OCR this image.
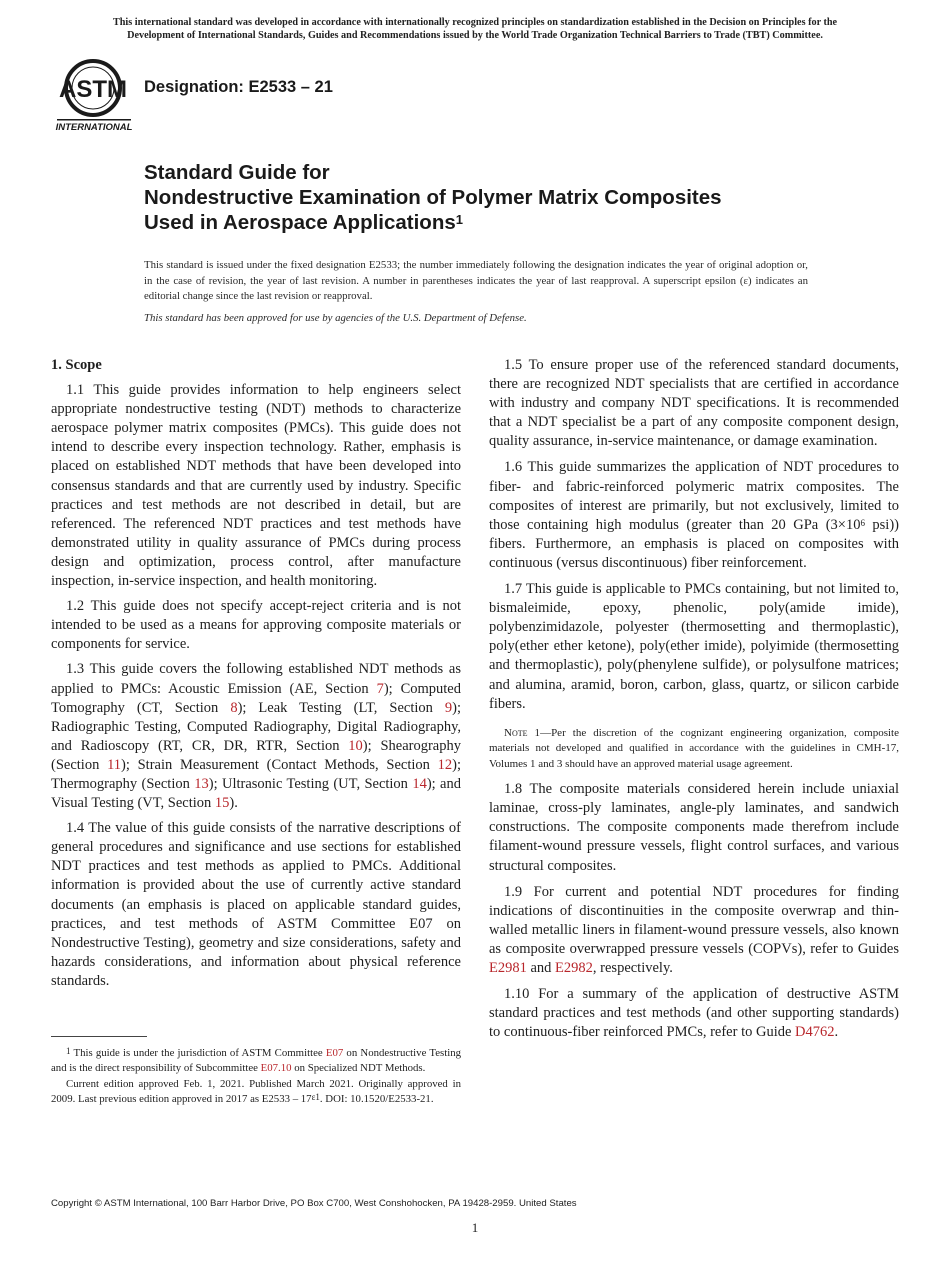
This international standard was developed in accordance with internationally recognized principles on standardization established in the Decision on Principles for the
Development of International Standards, Guides and Recommendations issued by the World Trade Organization Technical Barriers to Trade (TBT) Committee.
ASTM
INTERNATIONAL
Designation: E2533 – 21
Standard Guide for
Nondestructive Examination of Polymer Matrix Composites
Used in Aerospace Applications$^1$
This standard is issued under the fixed designation E2533; the number immediately following the designation indicates the year of original adoption or, in the case of revision, the year of last revision. A number in parentheses indicates the year of last reapproval. A superscript epsilon (ε) indicates an editorial change since the last revision or reapproval.
This standard has been approved for use by agencies of the U.S. Department of Defense.
1. Scope

1.1 This guide provides information to help engineers select appropriate nondestructive testing (NDT) methods to characterize aerospace polymer matrix composites (PMCs). This guide does not intend to describe every inspection technology. Rather, emphasis is placed on established NDT methods that have been developed into consensus standards and that are currently used by industry. Specific practices and test methods are not described in detail, but are referenced. The referenced NDT practices and test methods have demonstrated utility in quality assurance of PMCs during process design and optimization, process control, after manufacture inspection, in-service inspection, and health monitoring.

1.2 This guide does not specify accept-reject criteria and is not intended to be used as a means for approving composite materials or components for service.

1.3 This guide covers the following established NDT methods as applied to PMCs: Acoustic Emission (AE, Section 7); Computed Tomography (CT, Section 8); Leak Testing (LT, Section 9); Radiographic Testing, Computed Radiography, Digital Radiography, and Radioscopy (RT, CR, DR, RTR, Section 10); Shearography (Section 11); Strain Measurement (Contact Methods, Section 12); Thermography (Section 13); Ultrasonic Testing (UT, Section 14); and Visual Testing (VT, Section 15).

1.4 The value of this guide consists of the narrative descriptions of general procedures and significance and use sections for established NDT practices and test methods as applied to PMCs. Additional information is provided about the use of currently active standard documents (an emphasis is placed on applicable standard guides, practices, and test methods of ASTM Committee E07 on Nondestructive Testing), geometry and size considerations, safety and hazards considerations, and information about physical reference standards.

1.5 To ensure proper use of the referenced standard documents, there are recognized NDT specialists that are certified in accordance with industry and company NDT specifications. It is recommended that a NDT specialist be a part of any composite component design, quality assurance, in-service maintenance, or damage examination.

1.6 This guide summarizes the application of NDT procedures to fiber- and fabric-reinforced polymeric matrix composites. The composites of interest are primarily, but not exclusively, limited to those containing high modulus (greater than 20 GPa ($3\times 10^6$ psi)) fibers. Furthermore, an emphasis is placed on composites with continuous (versus discontinuous) fiber reinforcement.

1.7 This guide is applicable to PMCs containing, but not limited to, bismaleimide, epoxy, phenolic, poly(amide imide), polybenzimidazole, polyester (thermosetting and thermoplastic), poly(ether ether ketone), poly(ether imide), polyimide (thermosetting and thermoplastic), poly(phenylene sulfide), or polysulfone matrices; and alumina, aramid, boron, carbon, glass, quartz, or silicon carbide fibers.

Note 1—Per the discretion of the cognizant engineering organization, composite materials not developed and qualified in accordance with the guidelines in CMH-17, Volumes 1 and 3 should have an approved material usage agreement.

1.8 The composite materials considered herein include uniaxial laminae, cross-ply laminates, angle-ply laminates, and sandwich constructions. The composite components made therefrom include filament-wound pressure vessels, flight control surfaces, and various structural composites.

1.9 For current and potential NDT procedures for finding indications of discontinuities in the composite overwrap and thin-walled metallic liners in filament-wound pressure vessels, also known as composite overwrapped pressure vessels (COPVs), refer to Guides E2981 and E2982, respectively.

1.10 For a summary of the application of destructive ASTM standard practices and test methods (and other supporting standards) to continuous-fiber reinforced PMCs, refer to Guide D4762.

$^1$ This guide is under the jurisdiction of ASTM Committee E07 on Nondestructive Testing and is the direct responsibility of Subcommittee E07.10 on Specialized NDT Methods.

Current edition approved Feb. 1, 2021. Published March 2021. Originally approved in 2009. Last previous edition approved in 2017 as $E2533 - 17^{\varepsilon 1}$. DOI: 10.1520/E2533-21.

Copyright © ASTM International, 100 Barr Harbor Drive, PO Box C700, West Conshohocken, PA 19428-2959. United States
1
